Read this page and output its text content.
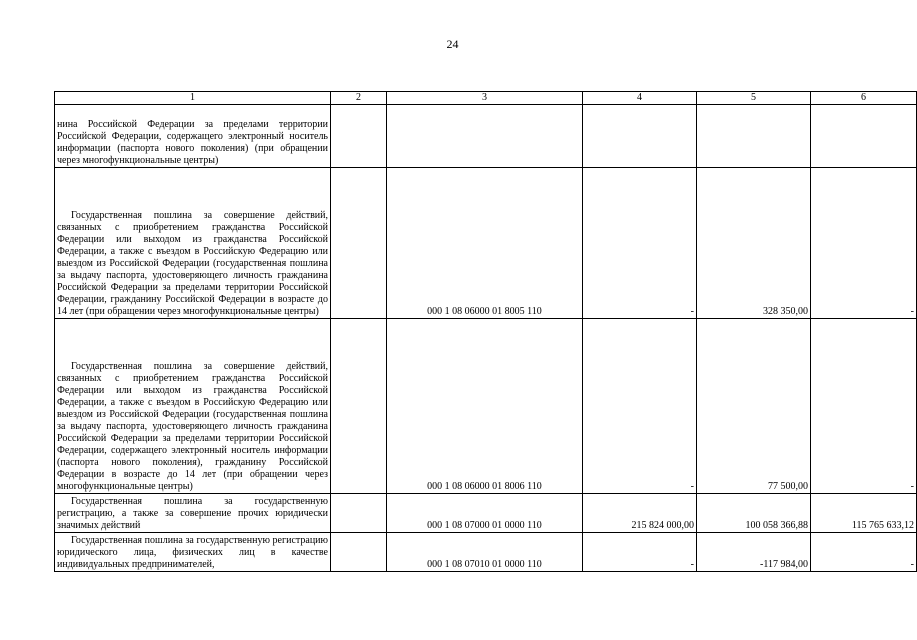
24
1	2	3	4	5	6
нина Российской Федерации за пределами территории Российской Федерации, содержащего электронный носитель информации (паспорта нового поколения) (при обращении через многофункциональные центры)					
Государственная пошлина за совершение действий, связанных с приобретением гражданства Российской Федерации или выходом из гражданства Российской Федерации, а также с въездом в Российскую Федерацию или выездом из Российской Федерации (государственная пошлина за выдачу паспорта, удостоверяющего личность гражданина Российской Федерации за пределами территории Российской Федерации, гражданину Российской Федерации в возрасте до 14 лет (при обращении через многофункциональные центры)		000 1 08 06000 01 8005 110	-	328 350,00	-
Государственная пошлина за совершение действий, связанных с приобретением гражданства Российской Федерации или выходом из гражданства Российской Федерации, а также с въездом в Российскую Федерацию или выездом из Российской Федерации (государственная пошлина за выдачу паспорта, удостоверяющего личность гражданина Российской Федерации за пределами территории Российской Федерации, содержащего электронный носитель информации (паспорта нового поколения), гражданину Российской Федерации в возрасте до 14 лет (при обращении через многофункциональные центры)		000 1 08 06000 01 8006 110	-	77 500,00	-
Государственная пошлина за государственную регистрацию, а также за совершение прочих юридически значимых действий		000 1 08 07000 01 0000 110	215 824 000,00	100 058 366,88	115 765 633,12
Государственная пошлина за государственную регистрацию юридического лица, физических лиц в качестве индивидуальных предпринимателей,		000 1 08 07010 01 0000 110	-	-117 984,00	-
